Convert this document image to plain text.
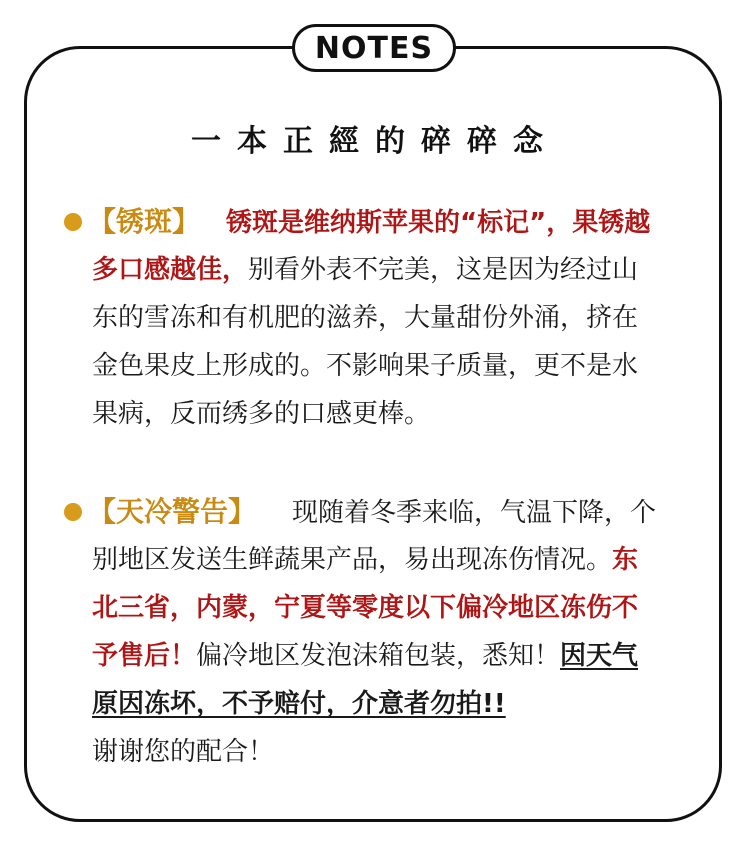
NOTES
一本正經的碎碎念
【锈斑】 锈斑是维纳斯苹果的“标记”，果锈越
多口感越佳，别看外表不完美，这是因为经过山
东的雪冻和有机肥的滋养，大量甜份外涌，挤在
金色果皮上形成的。不影响果子质量，更不是水
果病，反而绣多的口感更棒。
【天冷警告】 现随着冬季来临，气温下降，个
别地区发送生鲜蔬果产品，易出现冻伤情况。东
北三省，内蒙，宁夏等零度以下偏冷地区冻伤不
予售后！偏冷地区发泡沫箱包装，悉知！因天气
原因冻坏，不予赔付，介意者勿拍!!
谢谢您的配合！
